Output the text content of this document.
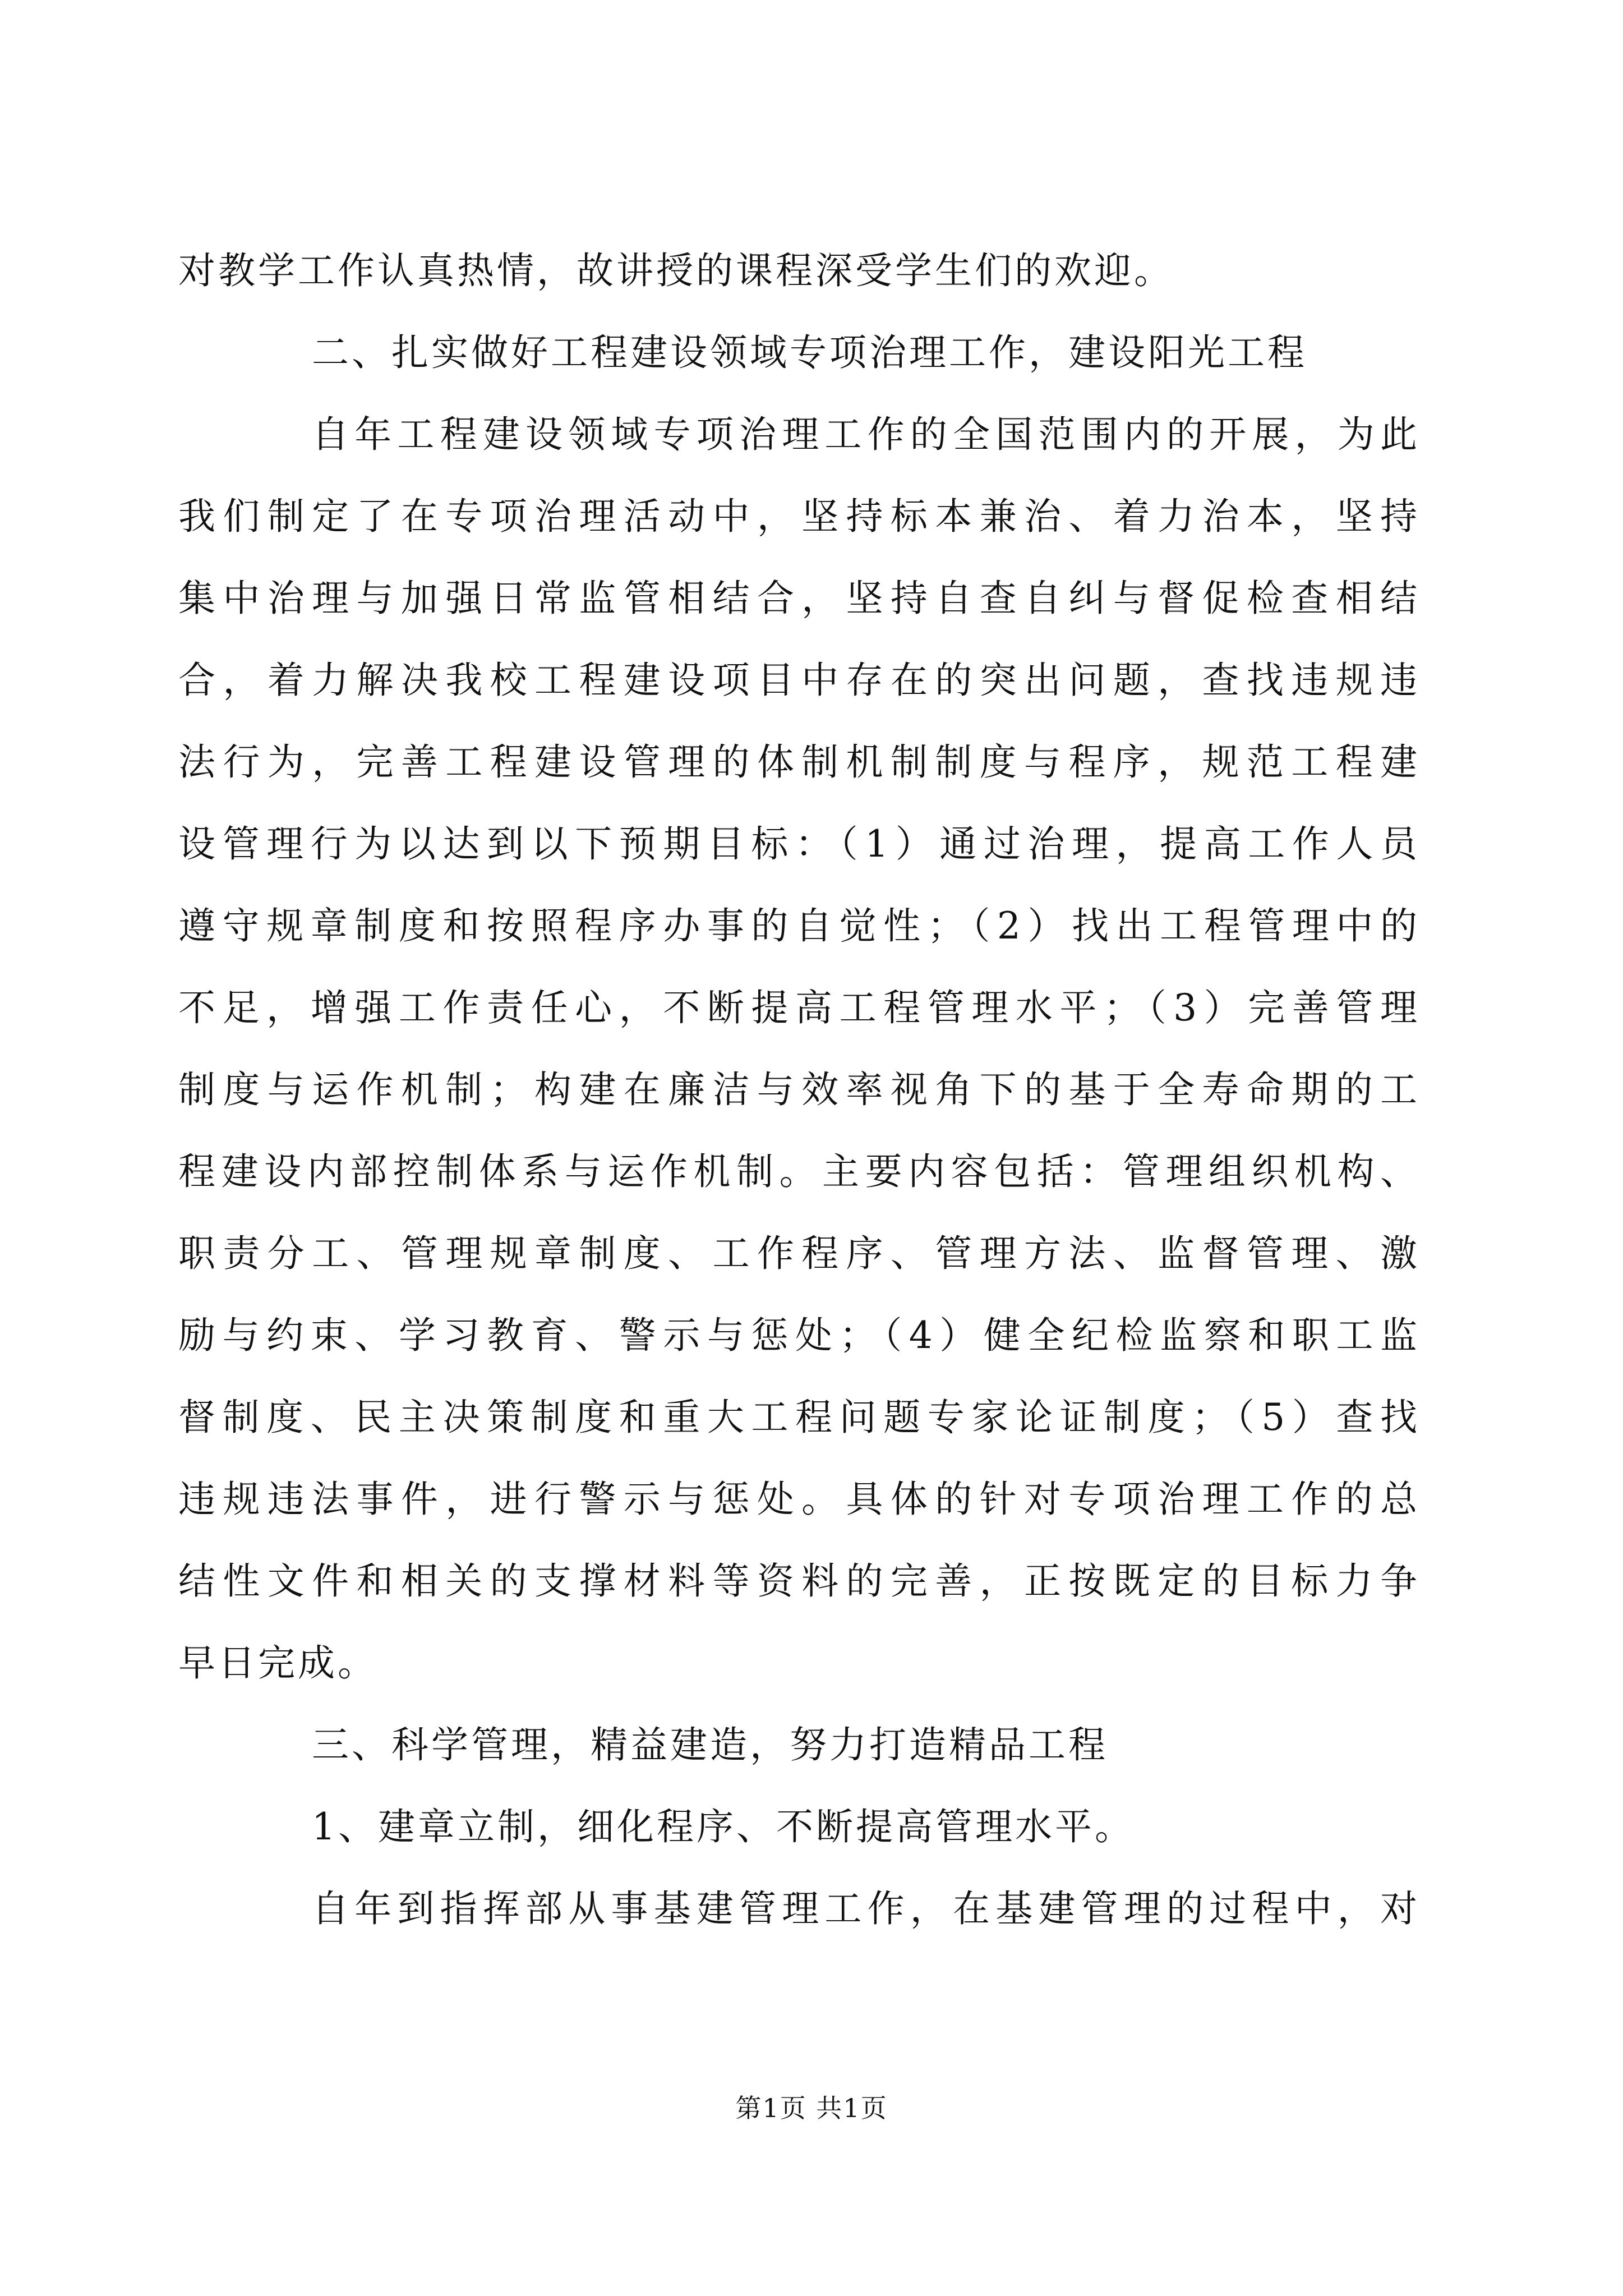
对教学工作认真热情，故讲授的课程深受学生们的欢迎。
二、扎实做好工程建设领域专项治理工作，建设阳光工程
自年工程建设领域专项治理工作的全国范围内的开展，为此
我们制定了在专项治理活动中，坚持标本兼治、着力治本，坚持
集中治理与加强日常监管相结合，坚持自查自纠与督促检查相结
合，着力解决我校工程建设项目中存在的突出问题，查找违规违
法行为，完善工程建设管理的体制机制制度与程序，规范工程建
设管理行为以达到以下预期目标：（1）通过治理，提高工作人员
遵守规章制度和按照程序办事的自觉性；（2）找出工程管理中的
不足，增强工作责任心，不断提高工程管理水平；（3）完善管理
制度与运作机制；构建在廉洁与效率视角下的基于全寿命期的工
程建设内部控制体系与运作机制。主要内容包括：管理组织机构、
职责分工、管理规章制度、工作程序、管理方法、监督管理、激
励与约束、学习教育、警示与惩处；（4）健全纪检监察和职工监
督制度、民主决策制度和重大工程问题专家论证制度；（5）查找
违规违法事件，进行警示与惩处。具体的针对专项治理工作的总
结性文件和相关的支撑材料等资料的完善，正按既定的目标力争
早日完成。
三、科学管理，精益建造，努力打造精品工程
1、建章立制，细化程序、不断提高管理水平。
自年到指挥部从事基建管理工作，在基建管理的过程中，对
第1页 共1页
